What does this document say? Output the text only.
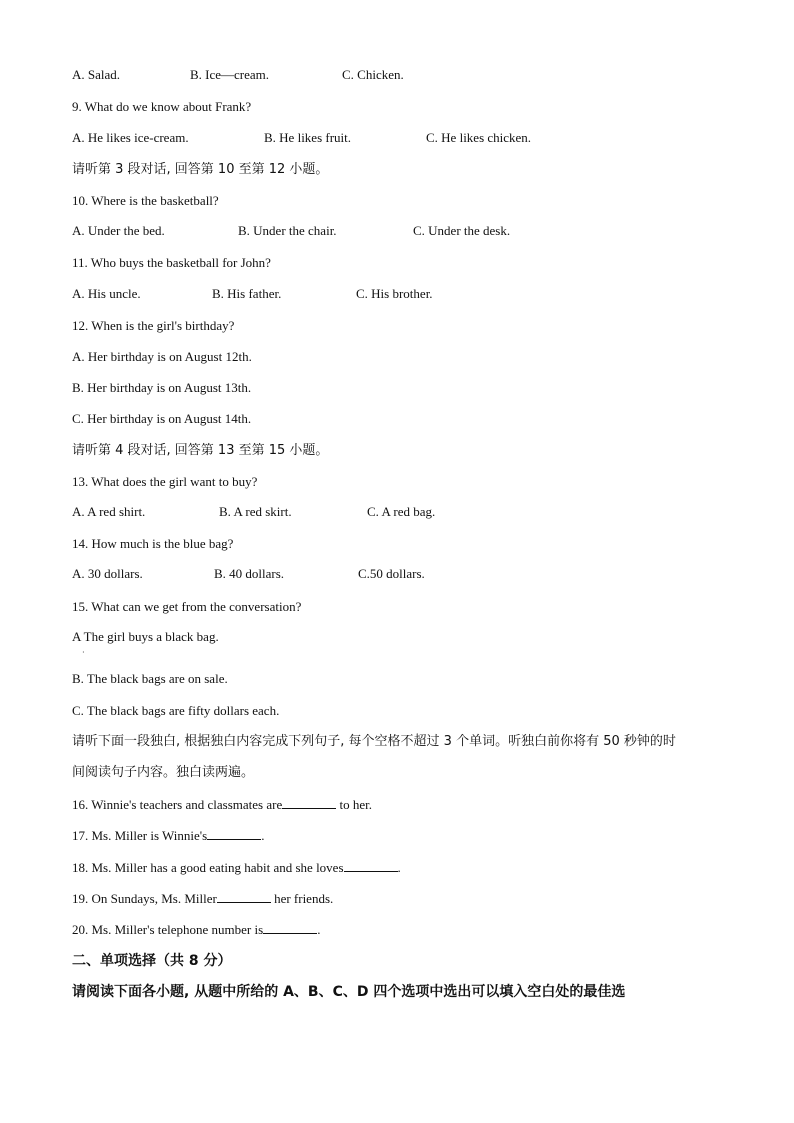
A. Salad.	B. Ice—cream.	C. Chicken.
9. What do we know about Frank?
A. He likes ice-cream.	B. He likes fruit.	C. He likes chicken.
请听第 3 段对话, 回答第 10 至第 12 小题。
10. Where is the basketball?
A. Under the bed.	B. Under the chair.	C. Under the desk.
11. Who buys the basketball for John?
A. His uncle.	B. His father.	C. His brother.
12. When is the girl's birthday?
A. Her birthday is on August 12th.
B. Her birthday is on August 13th.
C. Her birthday is on August 14th.
请听第 4 段对话, 回答第 13 至第 15 小题。
13. What does the girl want to buy?
A. A red shirt.	B. A red skirt.	C. A red bag.
14. How much is the blue bag?
A. 30 dollars.	B. 40 dollars.	C.50 dollars.
15. What can we get from the conversation?
A The girl buys a black bag.
·
B. The black bags are on sale.
C. The black bags are fifty dollars each.
请听下面一段独白, 根据独白内容完成下列句子, 每个空格不超过 3 个单词。听独白前你将有 50 秒钟的时
间阅读句子内容。独白读两遍。
16. Winnie's teachers and classmates are	to her.
17. Ms. Miller is Winnie's	.
18. Ms. Miller has a good eating habit and she loves	.
19. On Sundays, Ms. Miller	her friends.
20. Ms. Miller's telephone number is	.
二、单项选择（共 8 分）
请阅读下面各小题, 从题中所给的 A、B、C、D 四个选项中选出可以填入空白处的最佳选
